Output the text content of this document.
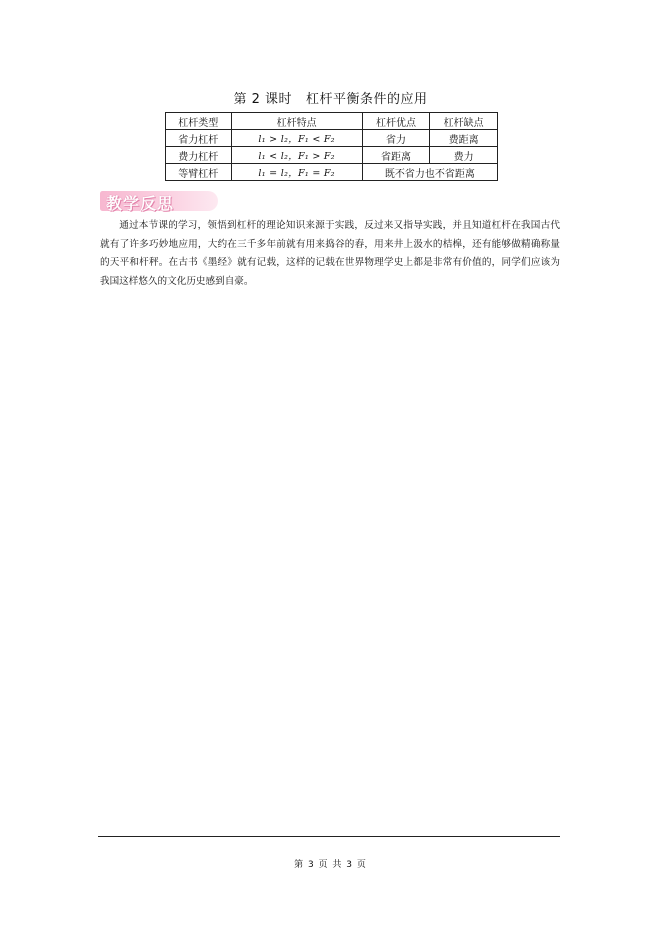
第 2 课时 杠杆平衡条件的应用
杠杆类型	杠杆特点	杠杆优点	杠杆缺点
省力杠杆	l₁ > l₂，F₁ < F₂	省力	费距离
费力杠杆	l₁ < l₂，F₁ > F₂	省距离	费力
等臂杠杆	l₁ = l₂，F₁ = F₂	既不省力也不省距离	
教学反思

通过本节课的学习，领悟到杠杆的理论知识来源于实践，反过来又指导实践，并且知道杠杆在我国古代就有了许多巧妙地应用，大约在三千多年前就有用来捣谷的舂，用来井上汲水的桔槔，还有能够做精确称量的天平和杆秤。在古书《墨经》就有记载，这样的记载在世界物理学史上都是非常有价值的，同学们应该为我国这样悠久的文化历史感到自豪。

第 3 页 共 3 页
